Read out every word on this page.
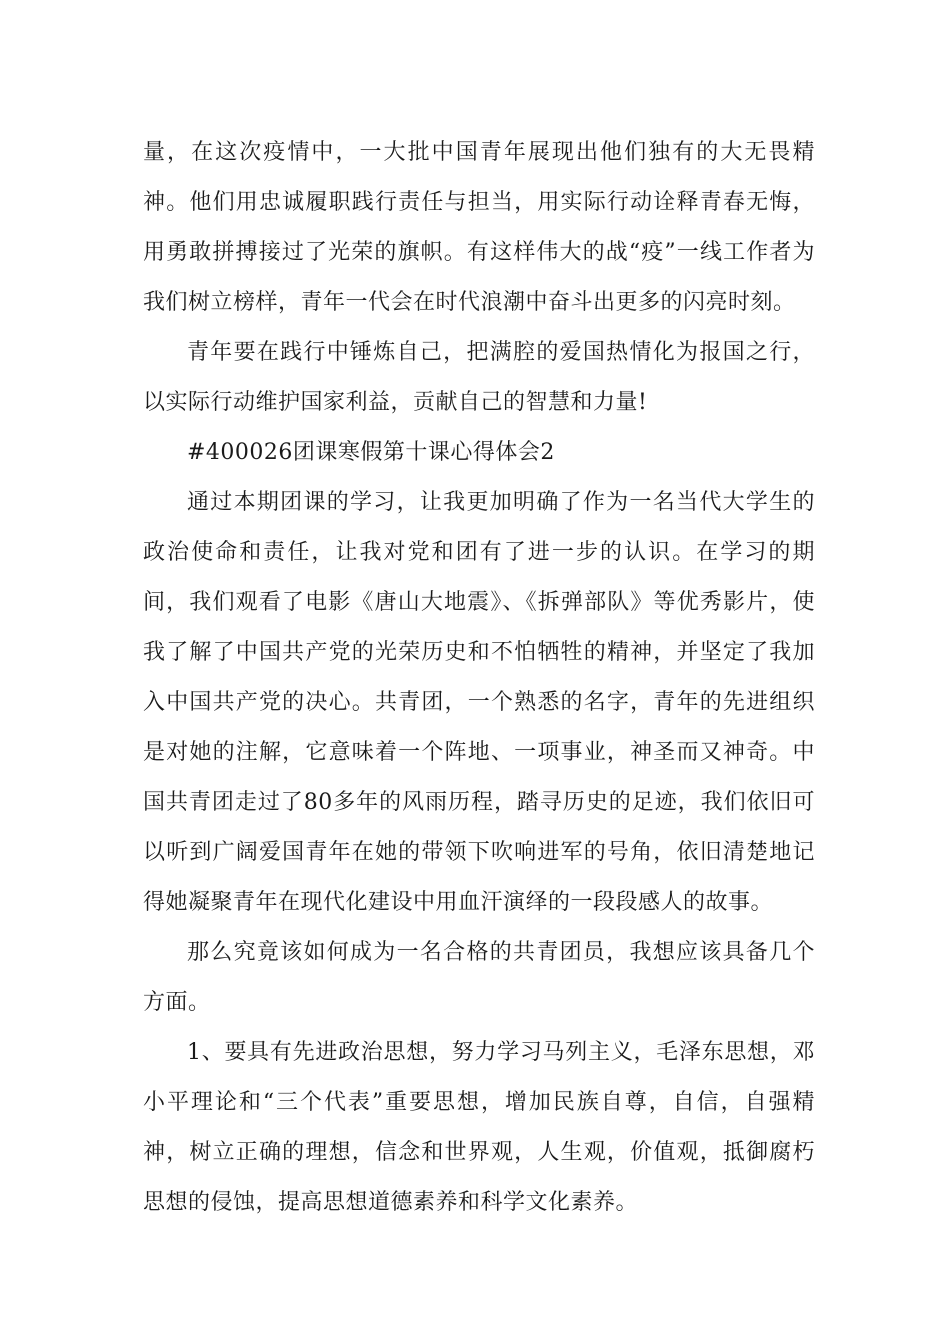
量，在这次疫情中，一大批中国青年展现出他们独有的大无畏精神。他们用忠诚履职践行责任与担当，用实际行动诠释青春无悔，用勇敢拼搏接过了光荣的旗帜。有这样伟大的战“疫”一线工作者为我们树立榜样，青年一代会在时代浪潮中奋斗出更多的闪亮时刻。

青年要在践行中锤炼自己，把满腔的爱国热情化为报国之行，以实际行动维护国家利益，贡献自己的智慧和力量!

#400026团课寒假第十课心得体会2

通过本期团课的学习，让我更加明确了作为一名当代大学生的政治使命和责任，让我对党和团有了进一步的认识。在学习的期间，我们观看了电影《唐山大地震》、《拆弹部队》等优秀影片，使我了解了中国共产党的光荣历史和不怕牺牲的精神，并坚定了我加入中国共产党的决心。共青团，一个熟悉的名字，青年的先进组织是对她的注解，它意味着一个阵地、一项事业，神圣而又神奇。中国共青团走过了80多年的风雨历程，踏寻历史的足迹，我们依旧可以听到广阔爱国青年在她的带领下吹响进军的号角，依旧清楚地记得她凝聚青年在现代化建设中用血汗演绎的一段段感人的故事。

那么究竟该如何成为一名合格的共青团员，我想应该具备几个方面。

1、要具有先进政治思想，努力学习马列主义，毛泽东思想，邓小平理论和“三个代表”重要思想，增加民族自尊，自信，自强精神，树立正确的理想，信念和世界观，人生观，价值观，抵御腐朽思想的侵蚀，提高思想道德素养和科学文化素养。
